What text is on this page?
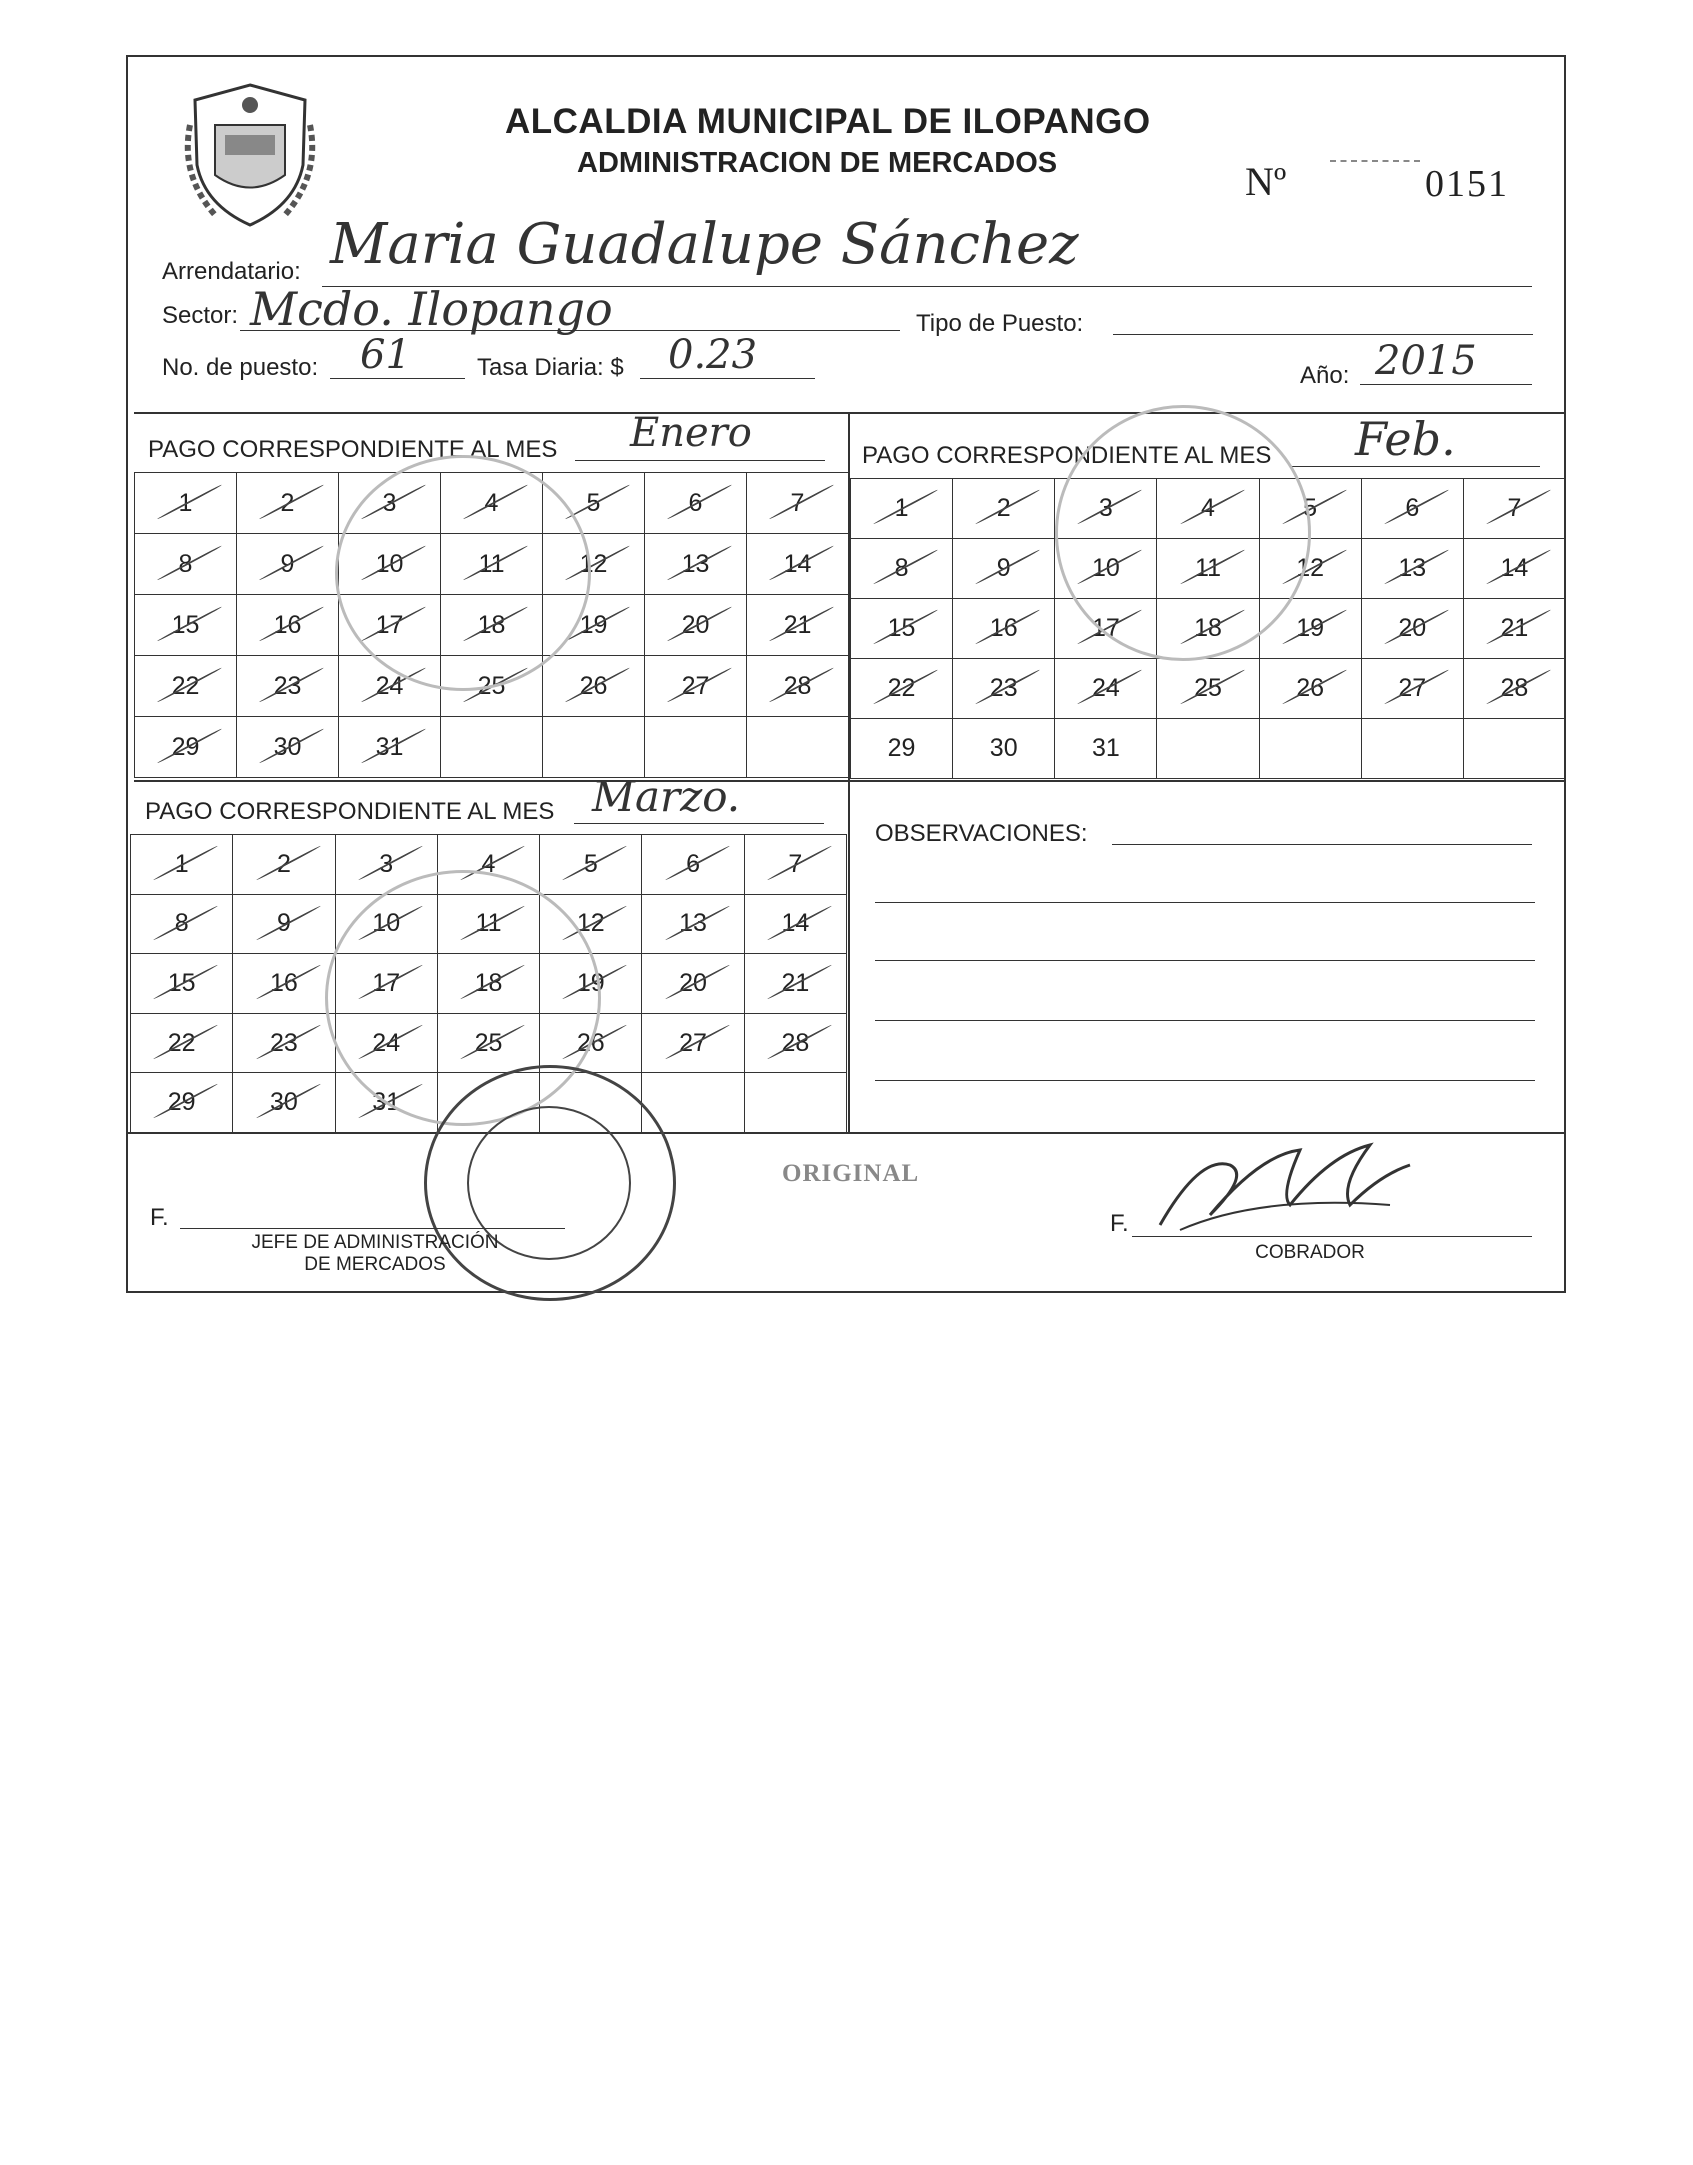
ALCALDIA MUNICIPAL DE ILOPANGO
ADMINISTRACION DE MERCADOS	Nº	0151
Arrendatario: Maria Guadalupe Sánchez
Sector: Mcdo. Ilopango	Tipo de Puesto:
No. de puesto: 61	Tasa Diaria: $ 0.23	Año: 2015
PAGO CORRESPONDIENTE AL MES Enero
1	2	3	4	5	6	7
8	9	10	11	12	13	14
15	16	17	18	19	20	21
22	23	24	25	26	27	28
29	30	31
PAGO CORRESPONDIENTE AL MES Feb.
1	2	3	4	5	6	7
8	9	10	11	12	13	14
15	16	17	18	19	20	21
22	23	24	25	26	27	28
29	30	31
PAGO CORRESPONDIENTE AL MES Marzo.
1	2	3	4	5	6	7
8	9	10	11	12	13	14
15	16	17	18	19	20	21
22	23	24	25	26	27	28
29	30	31
OBSERVACIONES:
ORIGINAL
F.
JEFE DE ADMINISTRACIÓN
DE MERCADOS
F.
COBRADOR
